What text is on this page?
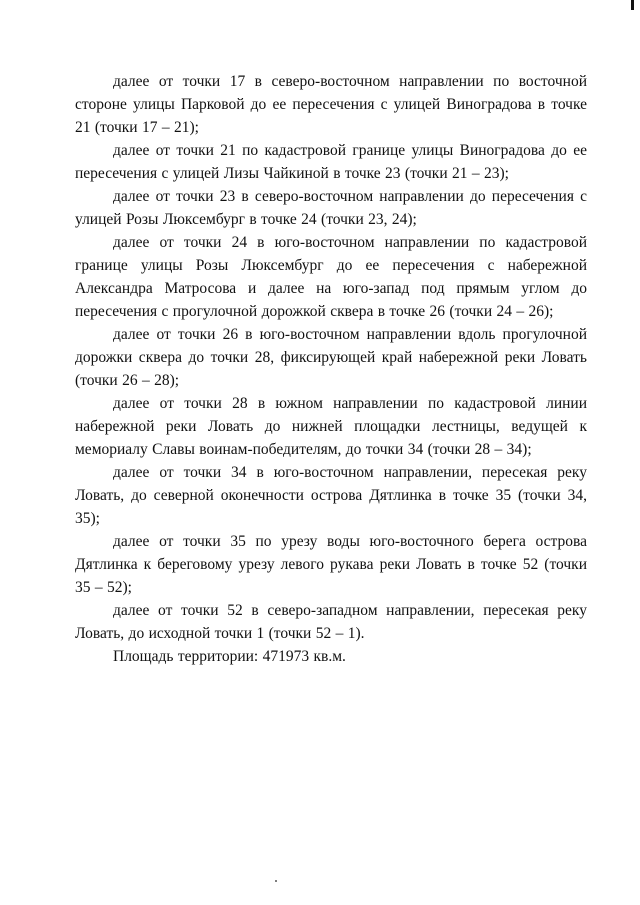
далее от точки 17 в северо-восточном направлении по восточной стороне улицы Парковой до ее пересечения с улицей Виноградова в точке 21 (точки 17 – 21);

далее от точки 21 по кадастровой границе улицы Виноградова до ее пересечения с улицей Лизы Чайкиной в точке 23 (точки 21 – 23);

далее от точки 23 в северо-восточном направлении до пересечения с улицей Розы Люксембург в точке 24 (точки 23, 24);

далее от точки 24 в юго-восточном направлении по кадастровой границе улицы Розы Люксембург до ее пересечения с набережной Александра Матросова и далее на юго-запад под прямым углом до пересечения с прогулочной дорожкой сквера в точке 26 (точки 24 – 26);

далее от точки 26 в юго-восточном направлении вдоль прогулочной дорожки сквера до точки 28, фиксирующей край набережной реки Ловать (точки 26 – 28);

далее от точки 28 в южном направлении по кадастровой линии набережной реки Ловать до нижней площадки лестницы, ведущей к мемориалу Славы воинам-победителям, до точки 34 (точки 28 – 34);

далее от точки 34 в юго-восточном направлении, пересекая реку Ловать, до северной оконечности острова Дятлинка в точке 35 (точки 34, 35);

далее от точки 35 по урезу воды юго-восточного берега острова Дятлинка к береговому урезу левого рукава реки Ловать в точке 52 (точки 35 – 52);

далее от точки 52 в северо-западном направлении, пересекая реку Ловать, до исходной точки 1 (точки 52 – 1).

Площадь территории: 471973 кв.м.
